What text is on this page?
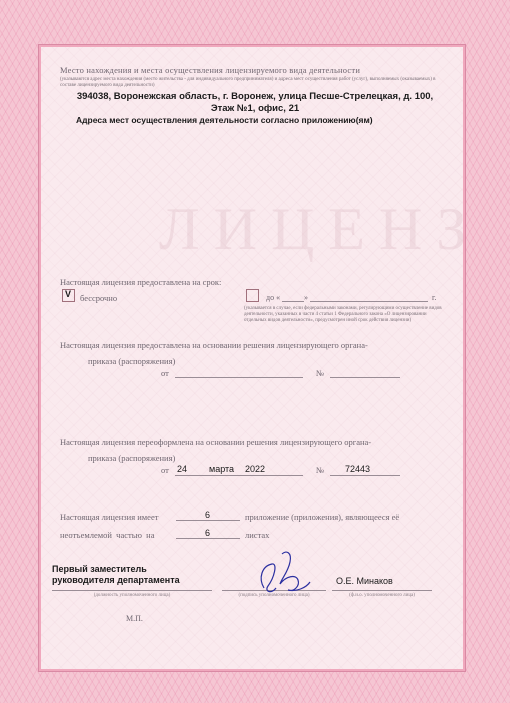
ЛИЦЕНЗ
Место нахождения и места осуществления лицензируемого вида деятельности
(указываются адрес места нахождения (место жительства - для индивидуального предпринимателя) и адреса мест осуществления работ (услуг), выполняемых (оказываемых) в составе лицензируемого вида деятельности)
394038, Воронежская область, г. Воронеж, улица Песше-Стрелецкая, д. 100,
Этаж №1, офис, 21
Адреса мест осуществления деятельности согласно приложению(ям)
Настоящая лицензия предоставлена на срок:
V бессрочно	до «	»	г.
(указывается в случае, если федеральными законами, регулирующими осуществление видов деятельности, указанных в части 4 статьи 1 Федерального закона «О лицензировании отдельных видов деятельности», предусмотрен иной срок действия лицензии)
Настоящая лицензия предоставлена на основании решения лицензирующего органа-
приказа (распоряжения)
от	№
Настоящая лицензия переоформлена на основании решения лицензирующего органа-
приказа (распоряжения)
от 24 марта 2022	№ 72443
Настоящая лицензия имеет	6	приложение (приложения), являющееся её
неотъемлемой  частью  на	6	листах
Первый заместитель
руководителя департамента	О.Е. Минаков
(должность уполномоченного лица)	(подпись уполномоченного лица)	(ф.и.о. уполномоченного лица)
М.П.
